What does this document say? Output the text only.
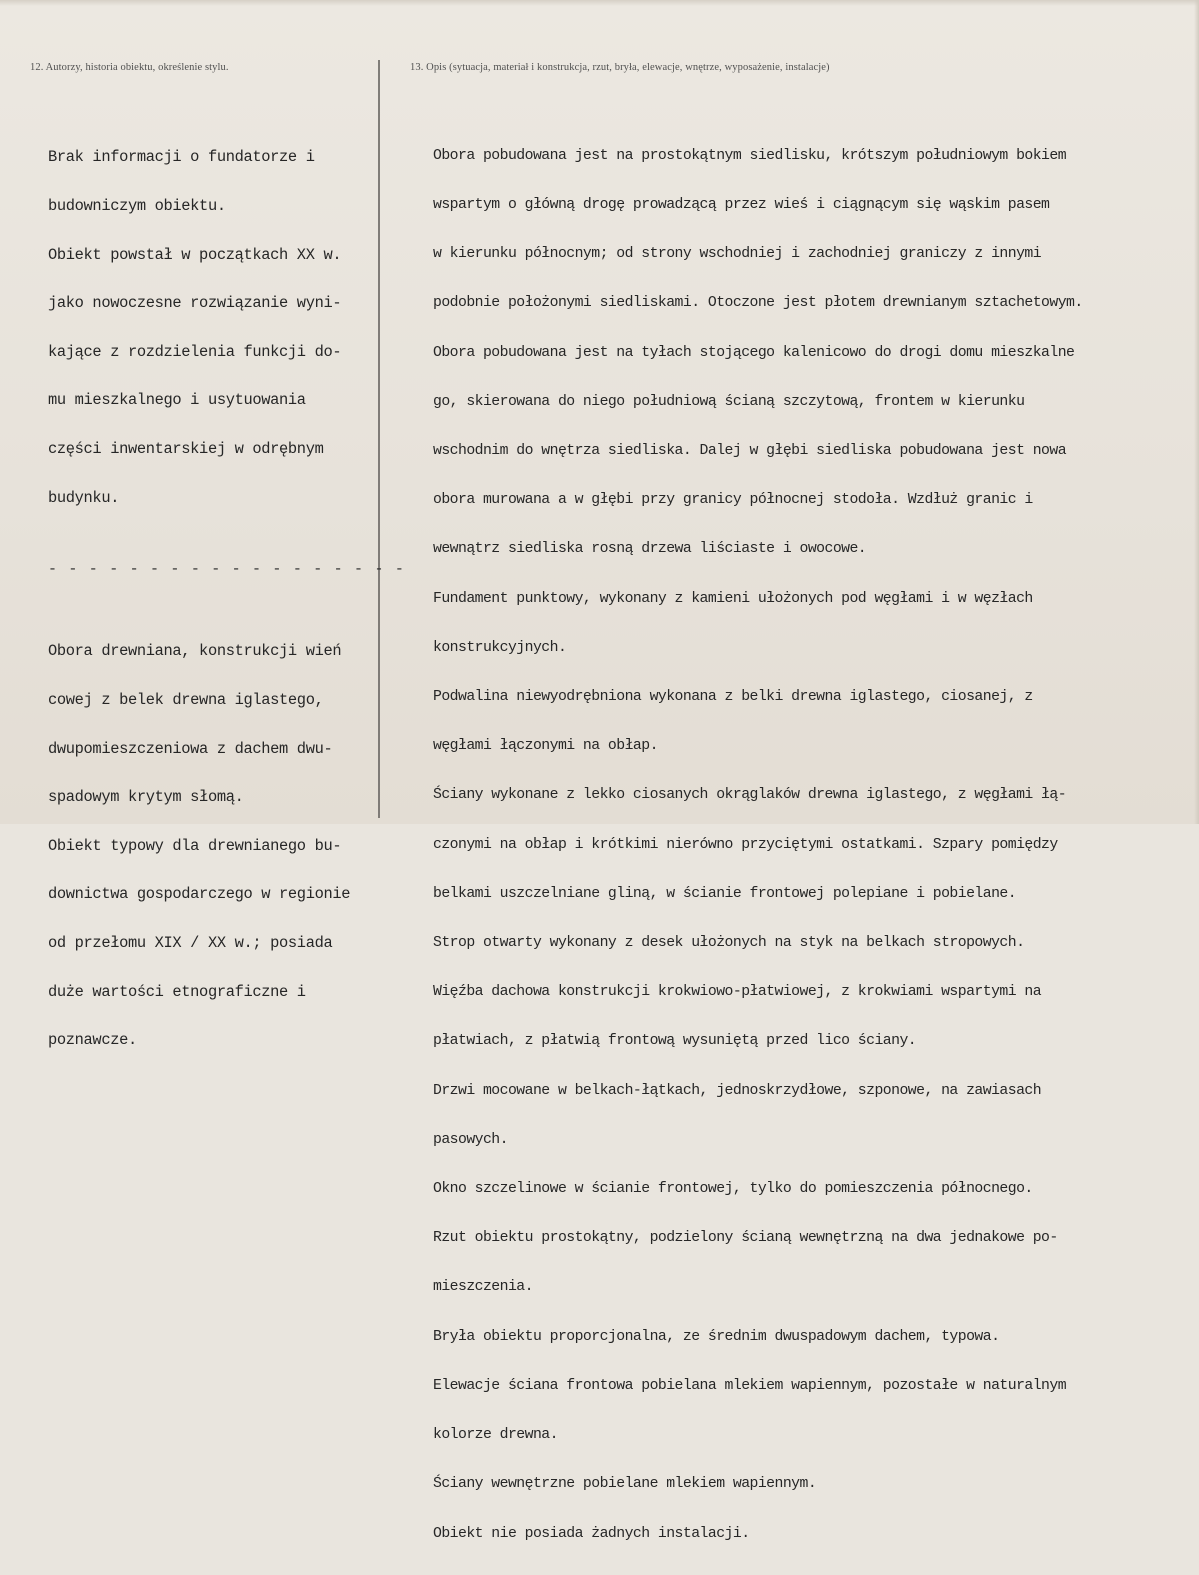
12. Autorzy, historia obiektu, określenie stylu.	13. Opis (sytuacja, materiał i konstrukcja, rzut, bryła, elewacje, wnętrze, wyposażenie, instalacje)

Brak informacji o fundatorze i

budowniczym obiektu.

Obiekt powstał w początkach XX w.

jako nowoczesne rozwiązanie wyni-

kające z rozdzielenia funkcji do-

mu mieszkalnego i usytuowania

części inwentarskiej w odrębnym

budynku.

- - - - - - - - - - - - - - - - - -

Obora drewniana, konstrukcji wień

cowej z belek drewna iglastego,

dwupomieszczeniowa z dachem dwu-

spadowym krytym słomą.

Obiekt typowy dla drewnianego bu-

downictwa gospodarczego w regionie

od przełomu XIX / XX w.; posiada

duże wartości etnograficzne i

poznawcze.

Obora pobudowana jest na prostokątnym siedlisku, krótszym południowym bokiem

wspartym o główną drogę prowadzącą przez wieś i ciągnącym się wąskim pasem

w kierunku północnym; od strony wschodniej i zachodniej graniczy z innymi

podobnie położonymi siedliskami. Otoczone jest płotem drewnianym sztachetowym.

Obora pobudowana jest na tyłach stojącego kalenicowo do drogi domu mieszkalne

go, skierowana do niego południową ścianą szczytową, frontem w kierunku

wschodnim do wnętrza siedliska. Dalej w głębi siedliska pobudowana jest nowa

obora murowana a w głębi przy granicy północnej stodoła. Wzdłuż granic i

wewnątrz siedliska rosną drzewa liściaste i owocowe.

Fundament punktowy, wykonany z kamieni ułożonych pod węgłami i w węzłach

konstrukcyjnych.

Podwalina niewyodrębniona wykonana z belki drewna iglastego, ciosanej, z

węgłami łączonymi na obłap.

Ściany wykonane z lekko ciosanych okrąglaków drewna iglastego, z węgłami łą-

czonymi na obłap i krótkimi nierówno przyciętymi ostatkami. Szpary pomiędzy

belkami uszczelniane gliną, w ścianie frontowej polepiane i pobielane.

Strop otwarty wykonany z desek ułożonych na styk na belkach stropowych.

Więźba dachowa konstrukcji krokwiowo-płatwiowej, z krokwiami wspartymi na

płatwiach, z płatwią frontową wysuniętą przed lico ściany.

Drzwi mocowane w belkach-łątkach, jednoskrzydłowe, szponowe, na zawiasach

pasowych.

Okno szczelinowe w ścianie frontowej, tylko do pomieszczenia północnego.

Rzut obiektu prostokątny, podzielony ścianą wewnętrzną na dwa jednakowe po-

mieszczenia.

Bryła obiektu proporcjonalna, ze średnim dwuspadowym dachem, typowa.

Elewacje ściana frontowa pobielana mlekiem wapiennym, pozostałe w naturalnym

kolorze drewna.

Ściany wewnętrzne pobielane mlekiem wapiennym.

Obiekt nie posiada żadnych instalacji.
